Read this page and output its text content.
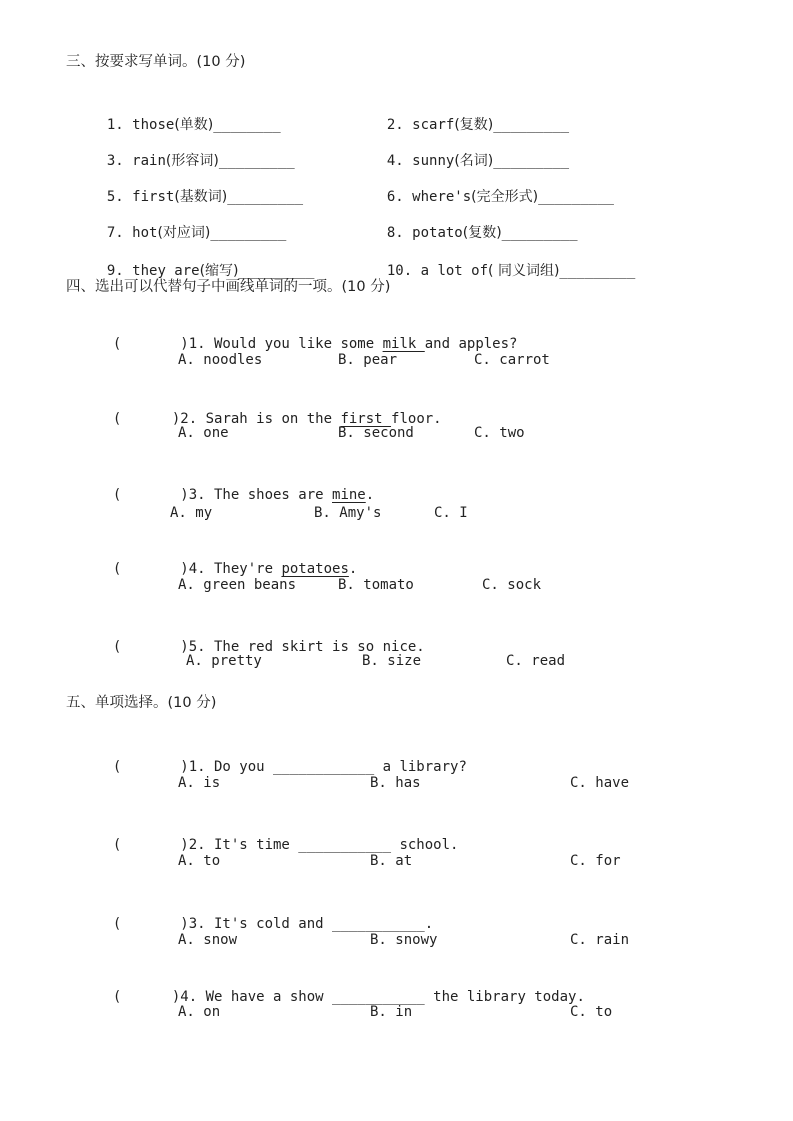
三、按要求写单词。(10 分)

1. those(单数)________	2. scarf(复数)_________

3. rain(形容词)_________	4. sunny(名词)_________

5. first(基数词)_________	6. where's(完全形式)_________

7. hot(对应词)_________	8. potato(复数)_________

9. they are(缩写)_________	10. a lot of( 同义词组)_________

四、选出可以代替句子中画线单词的一项。(10 分)

(       )1. Would you like some milk and apples?

A. noodles	B. pear	C. carrot

(      )2. Sarah is on the first floor.

A. one	B. second	C. two

(       )3. The shoes are mine.

A. my	B. Amy's	C. I

(       )4. They're potatoes.

A. green beans	B. tomato	C. sock

(       )5. The red skirt is so nice.

A. pretty	B. size	C. read
五、单项选择。(10 分)

(       )1. Do you ____________ a library?

A. is	B. has	C. have

(       )2. It's time ___________ school.

A. to	B. at	C. for

(       )3. It's cold and ___________.

A. snow	B. snowy	C. rain

(      )4. We have a show ___________ the library today.

A. on	B. in	C. to
